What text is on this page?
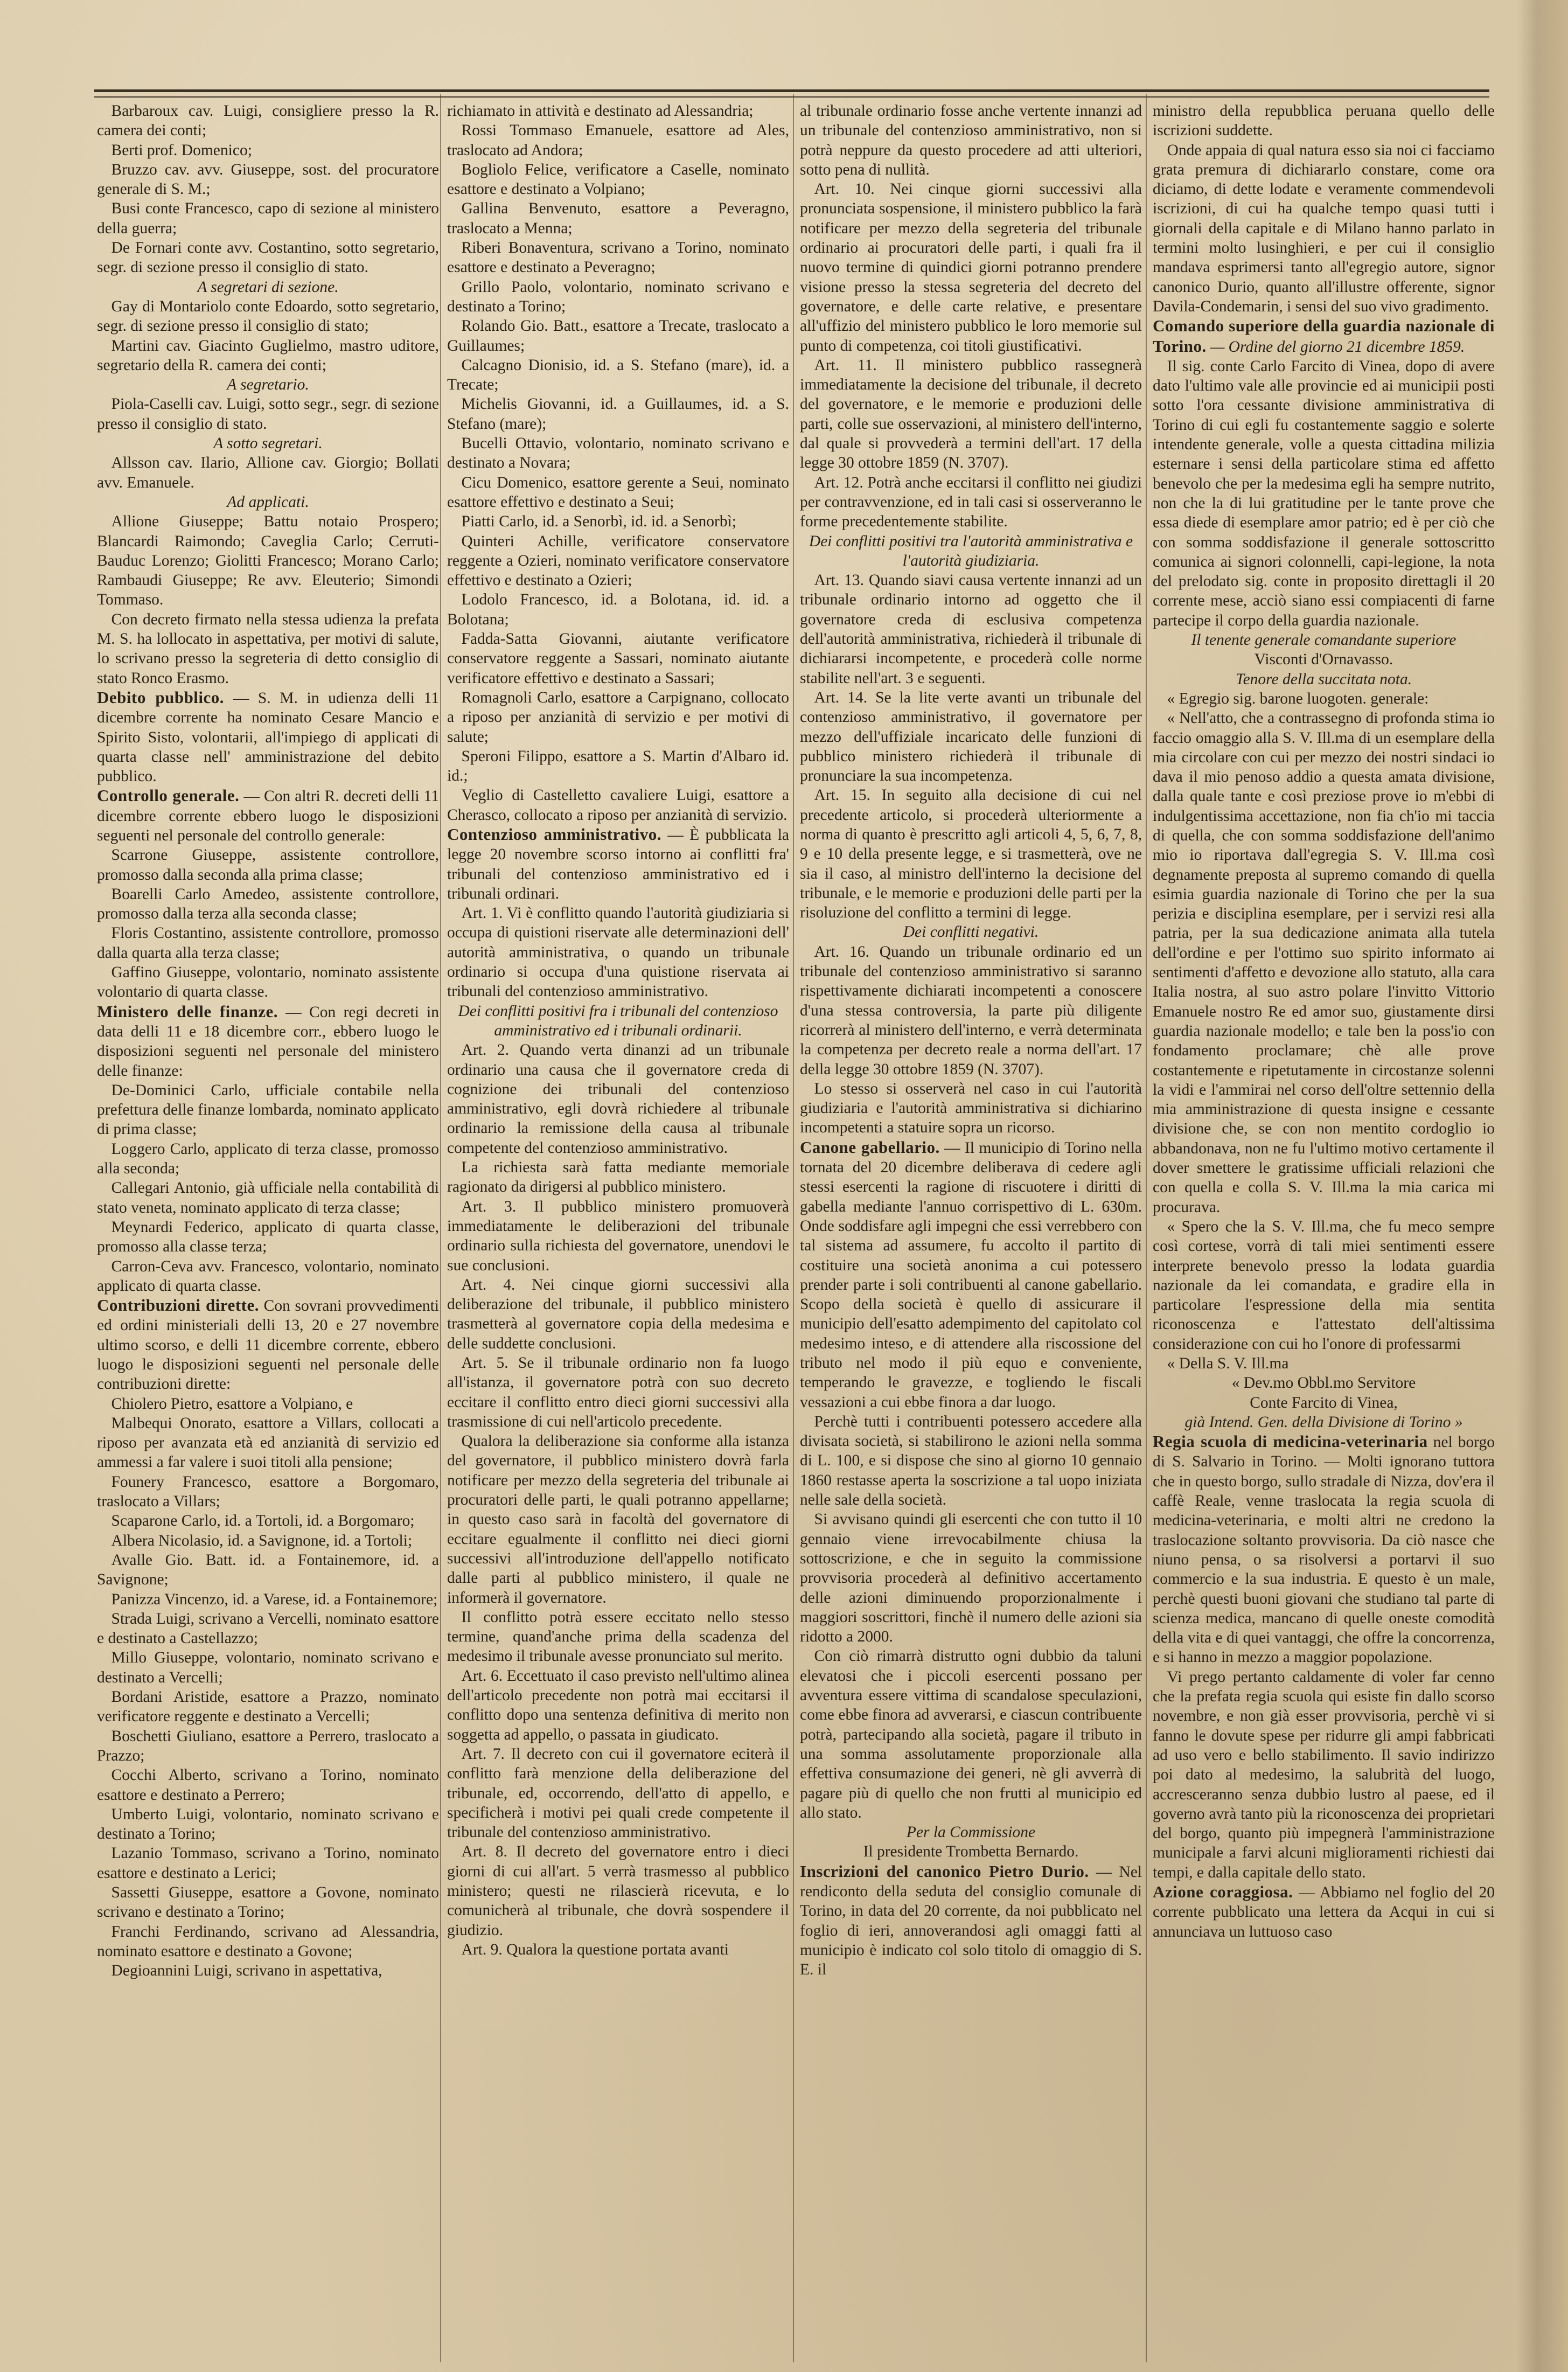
Barbaroux cav. Luigi, consigliere presso la R. camera dei conti;

Berti prof. Domenico;

Bruzzo cav. avv. Giuseppe, sost. del procuratore generale di S. M.;

Busi conte Francesco, capo di sezione al ministero della guerra;

De Fornari conte avv. Costantino, sotto segretario, segr. di sezione presso il consiglio di stato.

A segretari di sezione.

Gay di Montariolo conte Edoardo, sotto segretario, segr. di sezione presso il consiglio di stato;

Martini cav. Giacinto Guglielmo, mastro uditore, segretario della R. camera dei conti;

A segretario.

Piola-Caselli cav. Luigi, sotto segr., segr. di sezione presso il consiglio di stato.

A sotto segretari.

Allsson cav. Ilario, Allione cav. Giorgio; Bollati avv. Emanuele.

Ad applicati.

Allione Giuseppe; Battu notaio Prospero; Blancardi Raimondo; Caveglia Carlo; Cerruti-Bauduc Lorenzo; Giolitti Francesco; Morano Carlo; Rambaudi Giuseppe; Re avv. Eleuterio; Simondi Tommaso.

Con decreto firmato nella stessa udienza la prefata M. S. ha lollocato in aspettativa, per motivi di salute, lo scrivano presso la segreteria di detto consiglio di stato Ronco Erasmo.

Debito pubblico. — S. M. in udienza delli 11 dicembre corrente ha nominato Cesare Mancio e Spirito Sisto, volontarii, all'impiego di applicati di quarta classe nell' amministrazione del debito pubblico.

Controllo generale. — Con altri R. decreti delli 11 dicembre corrente ebbero luogo le disposizioni seguenti nel personale del controllo generale:

Scarrone Giuseppe, assistente controllore, promosso dalla seconda alla prima classe;

Boarelli Carlo Amedeo, assistente controllore, promosso dalla terza alla seconda classe;

Floris Costantino, assistente controllore, promosso dalla quarta alla terza classe;

Gaffino Giuseppe, volontario, nominato assistente volontario di quarta classe.

Ministero delle finanze. — Con regi decreti in data delli 11 e 18 dicembre corr., ebbero luogo le disposizioni seguenti nel personale del ministero delle finanze:

De-Dominici Carlo, ufficiale contabile nella prefettura delle finanze lombarda, nominato applicato di prima classe;

Loggero Carlo, applicato di terza classe, promosso alla seconda;

Callegari Antonio, già ufficiale nella contabilità di stato veneta, nominato applicato di terza classe;

Meynardi Federico, applicato di quarta classe, promosso alla classe terza;

Carron-Ceva avv. Francesco, volontario, nominato applicato di quarta classe.

Contribuzioni dirette. Con sovrani provvedimenti ed ordini ministeriali delli 13, 20 e 27 novembre ultimo scorso, e delli 11 dicembre corrente, ebbero luogo le disposizioni seguenti nel personale delle contribuzioni dirette:

Chiolero Pietro, esattore a Volpiano, e

Malbequi Onorato, esattore a Villars, collocati a riposo per avanzata età ed anzianità di servizio ed ammessi a far valere i suoi titoli alla pensione;

Founery Francesco, esattore a Borgomaro, traslocato a Villars;

Scaparone Carlo, id. a Tortoli, id. a Borgomaro;

Albera Nicolasio, id. a Savignone, id. a Tortoli;

Avalle Gio. Batt. id. a Fontainemore, id. a Savignone;

Panizza Vincenzo, id. a Varese, id. a Fontainemore;

Strada Luigi, scrivano a Vercelli, nominato esattore e destinato a Castellazzo;

Millo Giuseppe, volontario, nominato scrivano e destinato a Vercelli;

Bordani Aristide, esattore a Prazzo, nominato verificatore reggente e destinato a Vercelli;

Boschetti Giuliano, esattore a Perrero, traslocato a Prazzo;

Cocchi Alberto, scrivano a Torino, nominato esattore e destinato a Perrero;

Umberto Luigi, volontario, nominato scrivano e destinato a Torino;

Lazanio Tommaso, scrivano a Torino, nominato esattore e destinato a Lerici;

Sassetti Giuseppe, esattore a Govone, nominato scrivano e destinato a Torino;

Franchi Ferdinando, scrivano ad Alessandria, nominato esattore e destinato a Govone;

Degioannini Luigi, scrivano in aspettativa,

richiamato in attività e destinato ad Alessandria;

Rossi Tommaso Emanuele, esattore ad Ales, traslocato ad Andora;

Bogliolo Felice, verificatore a Caselle, nominato esattore e destinato a Volpiano;

Gallina Benvenuto, esattore a Peveragno, traslocato a Menna;

Riberi Bonaventura, scrivano a Torino, nominato esattore e destinato a Peveragno;

Grillo Paolo, volontario, nominato scrivano e destinato a Torino;

Rolando Gio. Batt., esattore a Trecate, traslocato a Guillaumes;

Calcagno Dionisio, id. a S. Stefano (mare), id. a Trecate;

Michelis Giovanni, id. a Guillaumes, id. a S. Stefano (mare);

Bucelli Ottavio, volontario, nominato scrivano e destinato a Novara;

Cicu Domenico, esattore gerente a Seui, nominato esattore effettivo e destinato a Seui;

Piatti Carlo, id. a Senorbì, id. id. a Senorbì;

Quinteri Achille, verificatore conservatore reggente a Ozieri, nominato verificatore conservatore effettivo e destinato a Ozieri;

Lodolo Francesco, id. a Bolotana, id. id. a Bolotana;

Fadda-Satta Giovanni, aiutante verificatore conservatore reggente a Sassari, nominato aiutante verificatore effettivo e destinato a Sassari;

Romagnoli Carlo, esattore a Carpignano, collocato a riposo per anzianità di servizio e per motivi di salute;

Speroni Filippo, esattore a S. Martin d'Albaro id. id.;

Veglio di Castelletto cavaliere Luigi, esattore a Cherasco, collocato a riposo per anzianità di servizio.

Contenzioso amministrativo. — È pubblicata la legge 20 novembre scorso intorno ai conflitti fra' tribunali del contenzioso amministrativo ed i tribunali ordinari.

Art. 1. Vi è conflitto quando l'autorità giudiziaria si occupa di quistioni riservate alle determinazioni dell' autorità amministrativa, o quando un tribunale ordinario si occupa d'una quistione riservata ai tribunali del contenzioso amministrativo.

Dei conflitti positivi fra i tribunali del contenzioso amministrativo ed i tribunali ordinarii.

Art. 2. Quando verta dinanzi ad un tribunale ordinario una causa che il governatore creda di cognizione dei tribunali del contenzioso amministrativo, egli dovrà richiedere al tribunale ordinario la remissione della causa al tribunale competente del contenzioso amministrativo.

La richiesta sarà fatta mediante memoriale ragionato da dirigersi al pubblico ministero.

Art. 3. Il pubblico ministero promuoverà immediatamente le deliberazioni del tribunale ordinario sulla richiesta del governatore, unendovi le sue conclusioni.

Art. 4. Nei cinque giorni successivi alla deliberazione del tribunale, il pubblico ministero trasmetterà al governatore copia della medesima e delle suddette conclusioni.

Art. 5. Se il tribunale ordinario non fa luogo all'istanza, il governatore potrà con suo decreto eccitare il conflitto entro dieci giorni successivi alla trasmissione di cui nell'articolo precedente.

Qualora la deliberazione sia conforme alla istanza del governatore, il pubblico ministero dovrà farla notificare per mezzo della segreteria del tribunale ai procuratori delle parti, le quali potranno appellarne; in questo caso sarà in facoltà del governatore di eccitare egualmente il conflitto nei dieci giorni successivi all'introduzione dell'appello notificato dalle parti al pubblico ministero, il quale ne informerà il governatore.

Il conflitto potrà essere eccitato nello stesso termine, quand'anche prima della scadenza del medesimo il tribunale avesse pronunciato sul merito.

Art. 6. Eccettuato il caso previsto nell'ultimo alinea dell'articolo precedente non potrà mai eccitarsi il conflitto dopo una sentenza definitiva di merito non soggetta ad appello, o passata in giudicato.

Art. 7. Il decreto con cui il governatore eciterà il conflitto farà menzione della deliberazione del tribunale, ed, occorrendo, dell'atto di appello, e specificherà i motivi pei quali crede competente il tribunale del contenzioso amministrativo.

Art. 8. Il decreto del governatore entro i dieci giorni di cui all'art. 5 verrà trasmesso al pubblico ministero; questi ne rilascierà ricevuta, e lo comunicherà al tribunale, che dovrà sospendere il giudizio.

Art. 9. Qualora la questione portata avanti

al tribunale ordinario fosse anche vertente innanzi ad un tribunale del contenzioso amministrativo, non si potrà neppure da questo procedere ad atti ulteriori, sotto pena di nullità.

Art. 10. Nei cinque giorni successivi alla pronunciata sospensione, il ministero pubblico la farà notificare per mezzo della segreteria del tribunale ordinario ai procuratori delle parti, i quali fra il nuovo termine di quindici giorni potranno prendere visione presso la stessa segreteria del decreto del governatore, e delle carte relative, e presentare all'uffizio del ministero pubblico le loro memorie sul punto di competenza, coi titoli giustificativi.

Art. 11. Il ministero pubblico rassegnerà immediatamente la decisione del tribunale, il decreto del governatore, e le memorie e produzioni delle parti, colle sue osservazioni, al ministero dell'interno, dal quale si provvederà a termini dell'art. 17 della legge 30 ottobre 1859 (N. 3707).

Art. 12. Potrà anche eccitarsi il conflitto nei giudizi per contravvenzione, ed in tali casi si osserveranno le forme precedentemente stabilite.

Dei conflitti positivi tra l'autorità amministrativa e l'autorità giudiziaria.

Art. 13. Quando siavi causa vertente innanzi ad un tribunale ordinario intorno ad oggetto che il governatore creda di esclusiva competenza dell'autorità amministrativa, richiederà il tribunale di dichiararsi incompetente, e procederà colle norme stabilite nell'art. 3 e seguenti.

Art. 14. Se la lite verte avanti un tribunale del contenzioso amministrativo, il governatore per mezzo dell'uffiziale incaricato delle funzioni di pubblico ministero richiederà il tribunale di pronunciare la sua incompetenza.

Art. 15. In seguito alla decisione di cui nel precedente articolo, si procederà ulteriormente a norma di quanto è prescritto agli articoli 4, 5, 6, 7, 8, 9 e 10 della presente legge, e si trasmetterà, ove ne sia il caso, al ministro dell'interno la decisione del tribunale, e le memorie e produzioni delle parti per la risoluzione del conflitto a termini di legge.

Dei conflitti negativi.

Art. 16. Quando un tribunale ordinario ed un tribunale del contenzioso amministrativo si saranno rispettivamente dichiarati incompetenti a conoscere d'una stessa controversia, la parte più diligente ricorrerà al ministero dell'interno, e verrà determinata la competenza per decreto reale a norma dell'art. 17 della legge 30 ottobre 1859 (N. 3707).

Lo stesso si osserverà nel caso in cui l'autorità giudiziaria e l'autorità amministrativa si dichiarino incompetenti a statuire sopra un ricorso.

Canone gabellario. — Il municipio di Torino nella tornata del 20 dicembre deliberava di cedere agli stessi esercenti la ragione di riscuotere i diritti di gabella mediante l'annuo corrispettivo di L. 630m. Onde soddisfare agli impegni che essi verrebbero con tal sistema ad assumere, fu accolto il partito di costituire una società anonima a cui potessero prender parte i soli contribuenti al canone gabellario. Scopo della società è quello di assicurare il municipio dell'esatto adempimento del capitolato col medesimo inteso, e di attendere alla riscossione del tributo nel modo il più equo e conveniente, temperando le gravezze, e togliendo le fiscali vessazioni a cui ebbe finora a dar luogo.

Perchè tutti i contribuenti potessero accedere alla divisata società, si stabilirono le azioni nella somma di L. 100, e si dispose che sino al giorno 10 gennaio 1860 restasse aperta la soscrizione a tal uopo iniziata nelle sale della società.

Si avvisano quindi gli esercenti che con tutto il 10 gennaio viene irrevocabilmente chiusa la sottoscrizione, e che in seguito la commissione provvisoria procederà al definitivo accertamento delle azioni diminuendo proporzionalmente i maggiori soscrittori, finchè il numero delle azioni sia ridotto a 2000.

Con ciò rimarrà distrutto ogni dubbio da taluni elevatosi che i piccoli esercenti possano per avventura essere vittima di scandalose speculazioni, come ebbe finora ad avverarsi, e ciascun contribuente potrà, partecipando alla società, pagare il tributo in una somma assolutamente proporzionale alla effettiva consumazione dei generi, nè gli avverrà di pagare più di quello che non frutti al municipio ed allo stato.

Per la Commissione

Il presidente Trombetta Bernardo.

Inscrizioni del canonico Pietro Durio. — Nel rendiconto della seduta del consiglio comunale di Torino, in data del 20 corrente, da noi pubblicato nel foglio di ieri, annoverandosi agli omaggi fatti al municipio è indicato col solo titolo di omaggio di S. E. il

ministro della repubblica peruana quello delle iscrizioni suddette.

Onde appaia di qual natura esso sia noi ci facciamo grata premura di dichiararlo constare, come ora diciamo, di dette lodate e veramente commendevoli iscrizioni, di cui ha qualche tempo quasi tutti i giornali della capitale e di Milano hanno parlato in termini molto lusinghieri, e per cui il consiglio mandava esprimersi tanto all'egregio autore, signor canonico Durio, quanto all'illustre offerente, signor Davila-Condemarin, i sensi del suo vivo gradimento.

Comando superiore della guardia nazionale di Torino. — Ordine del giorno 21 dicembre 1859.

Il sig. conte Carlo Farcito di Vinea, dopo di avere dato l'ultimo vale alle provincie ed ai municipii posti sotto l'ora cessante divisione amministrativa di Torino di cui egli fu costantemente saggio e solerte intendente generale, volle a questa cittadina milizia esternare i sensi della particolare stima ed affetto benevolo che per la medesima egli ha sempre nutrito, non che la di lui gratitudine per le tante prove che essa diede di esemplare amor patrio; ed è per ciò che con somma soddisfazione il generale sottoscritto comunica ai signori colonnelli, capi-legione, la nota del prelodato sig. conte in proposito direttagli il 20 corrente mese, acciò siano essi compiacenti di farne partecipe il corpo della guardia nazionale.

Il tenente generale comandante superiore

Visconti d'Ornavasso.

Tenore della succitata nota.

« Egregio sig. barone luogoten. generale:

« Nell'atto, che a contrassegno di profonda stima io faccio omaggio alla S. V. Ill.ma di un esemplare della mia circolare con cui per mezzo dei nostri sindaci io dava il mio penoso addio a questa amata divisione, dalla quale tante e così preziose prove io m'ebbi di indulgentissima accettazione, non fia ch'io mi taccia di quella, che con somma soddisfazione dell'animo mio io riportava dall'egregia S. V. Ill.ma così degnamente preposta al supremo comando di quella esimia guardia nazionale di Torino che per la sua perizia e disciplina esemplare, per i servizi resi alla patria, per la sua dedicazione animata alla tutela dell'ordine e per l'ottimo suo spirito informato ai sentimenti d'affetto e devozione allo statuto, alla cara Italia nostra, al suo astro polare l'invitto Vittorio Emanuele nostro Re ed amor suo, giustamente dirsi guardia nazionale modello; e tale ben la poss'io con fondamento proclamare; chè alle prove costantemente e ripetutamente in circostanze solenni la vidi e l'ammirai nel corso dell'oltre settennio della mia amministrazione di questa insigne e cessante divisione che, se con non mentito cordoglio io abbandonava, non ne fu l'ultimo motivo certamente il dover smettere le gratissime ufficiali relazioni che con quella e colla S. V. Ill.ma la mia carica mi procurava.

« Spero che la S. V. Ill.ma, che fu meco sempre così cortese, vorrà di tali miei sentimenti essere interprete benevolo presso la lodata guardia nazionale da lei comandata, e gradire ella in particolare l'espressione della mia sentita riconoscenza e l'attestato dell'altissima considerazione con cui ho l'onore di professarmi

« Della S. V. Ill.ma

« Dev.mo Obbl.mo Servitore

Conte Farcito di Vinea,

già Intend. Gen. della Divisione di Torino »

Regia scuola di medicina-veterinaria nel borgo di S. Salvario in Torino. — Molti ignorano tuttora che in questo borgo, sullo stradale di Nizza, dov'era il caffè Reale, venne traslocata la regia scuola di medicina-veterinaria, e molti altri ne credono la traslocazione soltanto provvisoria. Da ciò nasce che niuno pensa, o sa risolversi a portarvi il suo commercio e la sua industria. E questo è un male, perchè questi buoni giovani che studiano tal parte di scienza medica, mancano di quelle oneste comodità della vita e di quei vantaggi, che offre la concorrenza, e si hanno in mezzo a maggior popolazione.

Vi prego pertanto caldamente di voler far cenno che la prefata regia scuola qui esiste fin dallo scorso novembre, e non già esser provvisoria, perchè vi si fanno le dovute spese per ridurre gli ampi fabbricati ad uso vero e bello stabilimento. Il savio indirizzo poi dato al medesimo, la salubrità del luogo, accresceranno senza dubbio lustro al paese, ed il governo avrà tanto più la riconoscenza dei proprietari del borgo, quanto più impegnerà l'amministrazione municipale a farvi alcuni miglioramenti richiesti dai tempi, e dalla capitale dello stato.

Azione coraggiosa. — Abbiamo nel foglio del 20 corrente pubblicato una lettera da Acqui in cui si annunciava un luttuoso caso
